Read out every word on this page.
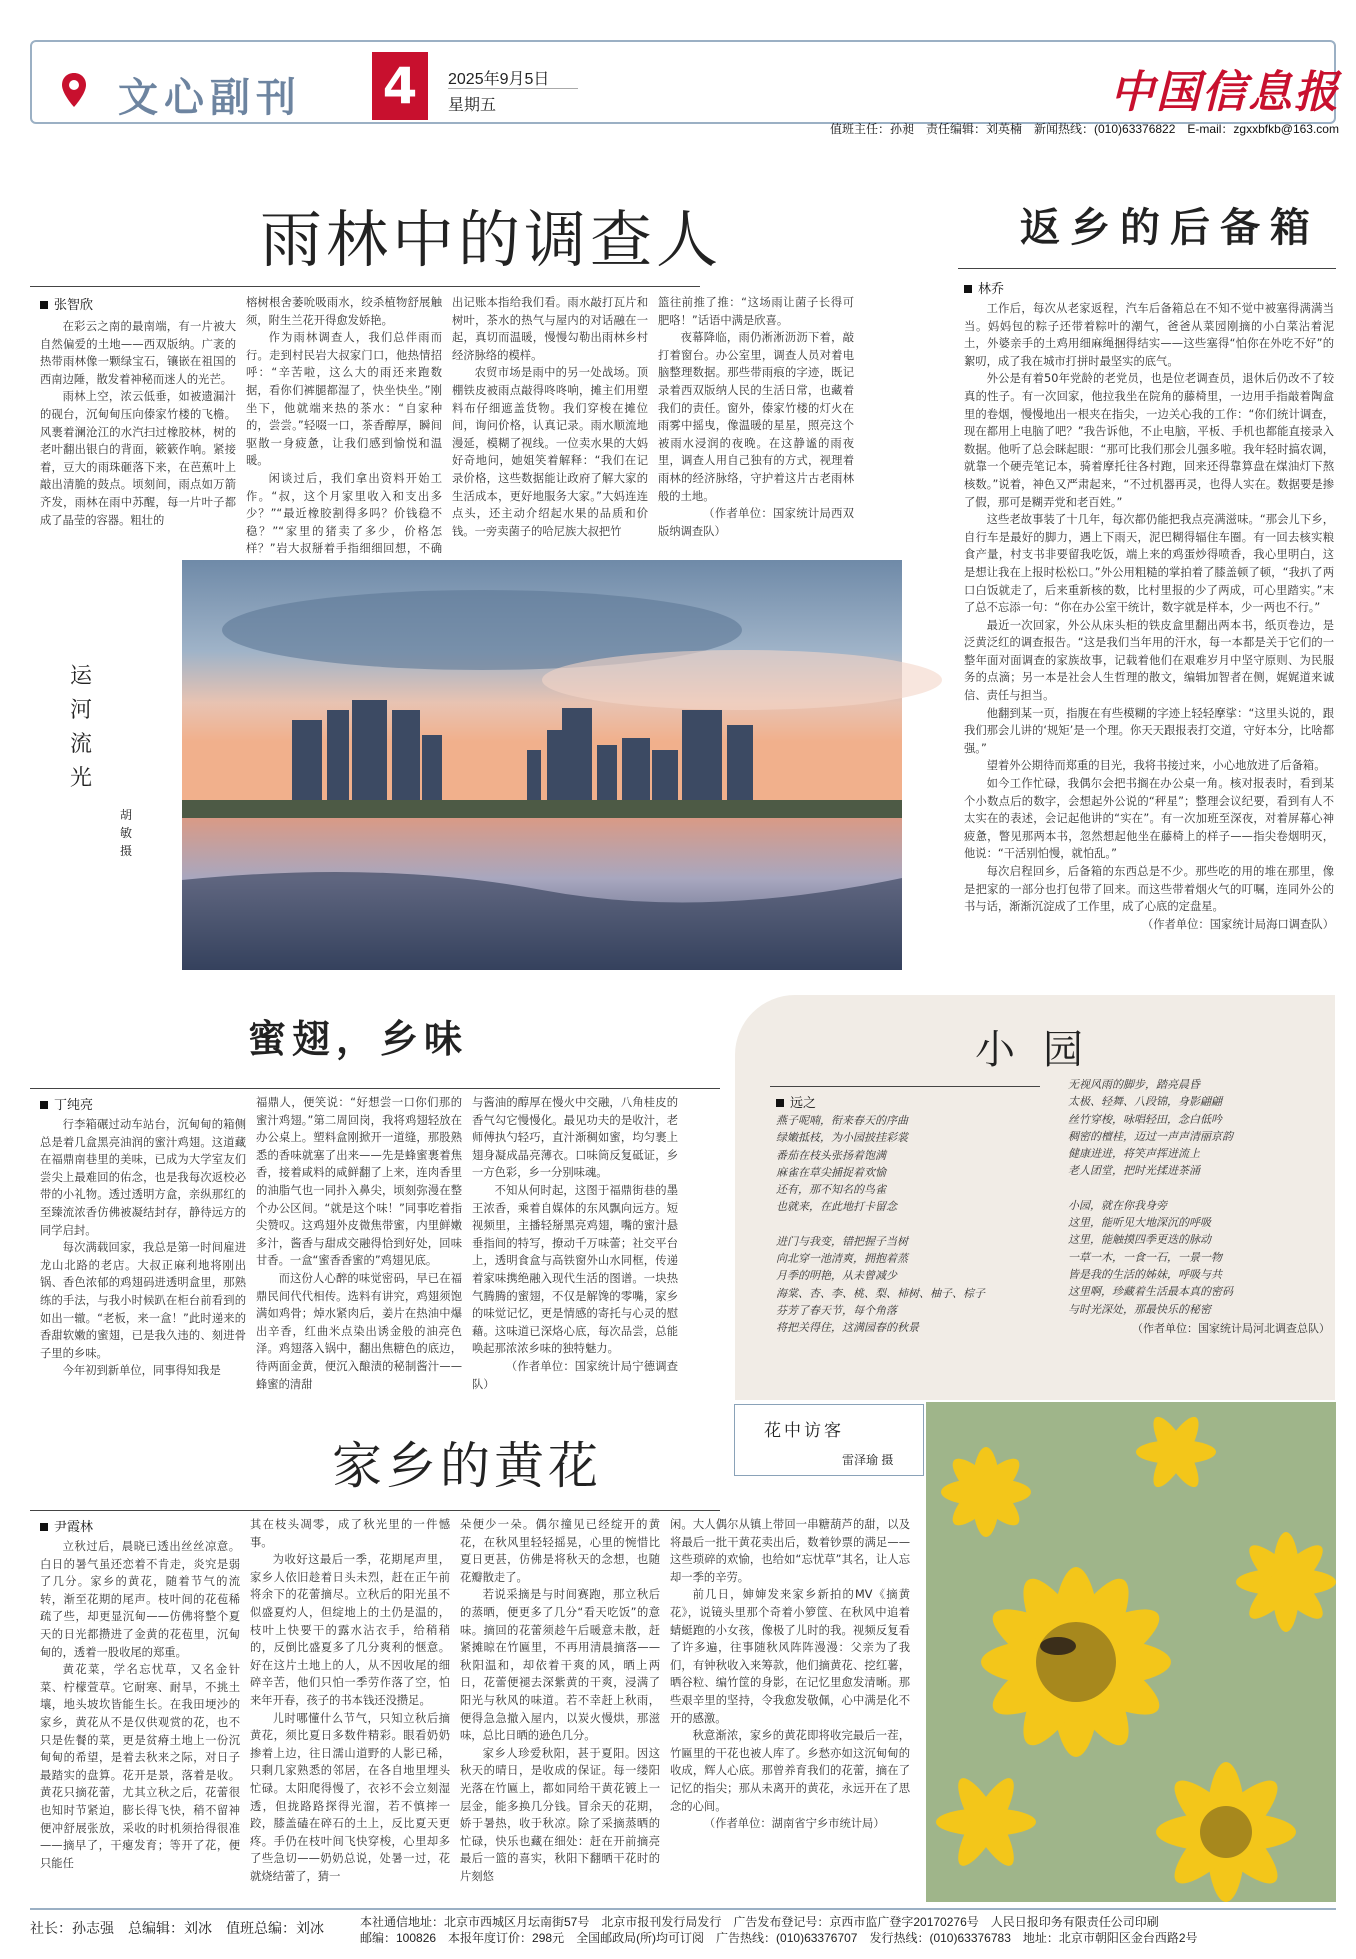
文心副刊 4	2025年9月5日
星期五	中国信息报
值班主任：孙昶　责任编辑：刘英楠　新闻热线：(010)63376822　E-mail：zgxxbfkb@163.com
雨林中的调查人
张智欣

在彩云之南的最南端，有一片被大自然偏爱的土地——西双版纳。广袤的热带雨林像一颗绿宝石，镶嵌在祖国的西南边陲，散发着神秘而迷人的光芒。

雨林上空，浓云低垂，如被遗漏汁的砚台，沉甸甸压向傣家竹楼的飞檐。风裹着澜沧江的水汽扫过橡胶林，树的老叶翻出银白的背面，簌簌作响。紧接着，豆大的雨珠砸落下来，在芭蕉叶上敲出清脆的鼓点。顷刻间，雨点如万箭齐发，雨林在雨中苏醒，每一片叶子都成了晶莹的容器。粗壮的

榕树根舍萎吮吸雨水，绞杀植物舒展触须，附生兰花开得愈发娇艳。

作为雨林调查人，我们总伴雨而行。走到村民岩大叔家门口，他热情招呼：“辛苦啦，这么大的雨还来跑数据，看你们裤腿都湿了，快坐快坐。”刚坐下，他就端来热的茶水：“自家种的，尝尝。”轻啜一口，茶香醇厚，瞬间驱散一身疲惫，让我们感到愉悦和温暖。

闲谈过后，我们拿出资料开始工作。“叔，这个月家里收入和支出多少？”“最近橡胶割得多吗？价钱稳不稳？”“家里的猪卖了多少，价格怎样？”岩大叔掰着手指细细回想，不确

出记账本指给我们看。雨水敲打瓦片和树叶，茶水的热气与屋内的对话融在一起，真切而温暖，慢慢勾勒出雨林乡村经济脉络的模样。

农贸市场是雨中的另一处战场。顶棚铁皮被雨点敲得咚咚响，摊主们用塑料布仔细遮盖货物。我们穿梭在摊位间，询问价格，认真记录。雨水顺流地漫延，模糊了视线。一位卖水果的大妈好奇地问，她姐笑着解释：“我们在记录价格，这些数据能让政府了解大家的生活成本，更好地服务大家。”大妈连连点头，还主动介绍起水果的品质和价钱。一旁卖菌子的哈尼族大叔把竹

篮往前推了推：“这场雨让菌子长得可肥咯！”话语中满是欣喜。

夜幕降临，雨仍淅淅沥沥下着，敲打着窗台。办公室里，调查人员对着电脑整理数据。那些带雨痕的字迹，既记录着西双版纳人民的生活日常，也藏着我们的责任。窗外，傣家竹楼的灯火在雨雾中摇曳，像温暖的星星，照亮这个被雨水浸润的夜晚。在这静谧的雨夜里，调查人用自己独有的方式，视理着雨林的经济脉络，守护着这片古老雨林般的土地。

（作者单位：国家统计局西双版纳调查队）

运河流光
胡敏 摄
返乡的后备箱
林乔

工作后，每次从老家返程，汽车后备箱总在不知不觉中被塞得满满当当。妈妈包的粽子还带着粽叶的潮气，爸爸从菜园刚摘的小白菜沾着泥土，外婆亲手的土鸡用细麻绳捆得结实——这些塞得“怕你在外吃不好”的絮叨，成了我在城市打拼时最坚实的底气。

外公是有着50年党龄的老党员，也是位老调查员，退休后仍改不了较真的性子。有一次回家，他拉我坐在院角的藤椅里，一边用手指敲着陶盒里的卷烟，慢慢地出一根夹在指尖，一边关心我的工作：“你们统计调查，现在都用上电脑了吧？”我告诉他，不止电脑，平板、手机也都能直接录入数据。他听了总会眯起眼：“那可比我们那会儿强多啦。我年轻时搞农调，就靠一个硬壳笔记本，骑着摩托往各村跑，回来还得靠算盘在煤油灯下熬核数。”说着，神色又严肃起来，“不过机器再灵，也得人实在。数据要是掺了假，那可是糊弄党和老百姓。”

这些老故事装了十几年，每次都仍能把我点亮满滋味。“那会儿下乡，自行车是最好的脚力，遇上下雨天，泥巴糊得辐住车圈。有一回去核实粮食产量，村支书非要留我吃饭，端上来的鸡蛋炒得喷香，我心里明白，这是想让我在上报时松松口。”外公用粗糙的掌拍着了膝盖顿了顿，“我扒了两口白饭就走了，后来重新核的数，比村里报的少了两成，可心里踏实。”末了总不忘添一句：“你在办公室干统计，数字就是样本，少一两也不行。”

最近一次回家，外公从床头柜的铁皮盒里翻出两本书，纸页卷边，是泛黄泛红的调查报告。“这是我们当年用的汗水，每一本都是关于它们的一整年面对面调查的家族故事，记载着他们在艰难岁月中坚守原则、为民服务的点滴；另一本是社会人生哲理的散文，编辑加智者在侧，娓娓道来诚信、责任与担当。

他翻到某一页，指腹在有些模糊的字迹上轻轻摩挲：“这里头说的，跟我们那会儿讲的‘规矩’是一个理。你天天跟报表打交道，守好本分，比啥都强。”

望着外公期待而郑重的目光，我将书接过来，小心地放进了后备箱。

如今工作忙碌，我偶尔会把书搁在办公桌一角。核对报表时，看到某个小数点后的数字，会想起外公说的“秤星”；整理会议纪要，看到有人不太实在的表述，会记起他讲的“实在”。有一次加班至深夜，对着屏幕心神疲惫，瞥见那两本书，忽然想起他坐在藤椅上的样子——指尖卷烟明灭，他说：“干活别怕慢，就怕乱。”

每次启程回乡，后备箱的东西总是不少。那些吃的用的堆在那里，像是把家的一部分也打包带了回来。而这些带着烟火气的叮嘱，连同外公的书与话，渐渐沉淀成了工作里，成了心底的定盘星。

（作者单位：国家统计局海口调查队）

蜜翅，乡味
丁纯亮

行李箱碾过动车站台，沉甸甸的箱侧总是着几盒黑亮油润的蜜汁鸡翅。这道藏在福鼎南巷里的美味，已成为大学室友们尝尖上最难回的佑念，也是我每次返校必带的小礼物。透过透明方盒，亲纵那红的至臻流浓香仿佛被凝结封存，静待远方的同学启封。

每次满载回家，我总是第一时间雇进龙山北路的老店。大叔正麻利地将刚出锅、香色浓郁的鸡翅码进透明盒里，那熟练的手法，与我小时候趴在柜台前看到的如出一辙。“老板，来一盒！”此时递来的香甜软嫩的蜜翅，已是我久违的、刻进骨子里的乡味。

今年初到新单位，同事得知我是

福鼎人，便笑说：“好想尝一口你们那的蜜汁鸡翅。”第二周回岗，我将鸡翅轻放在办公桌上。塑料盒刚掀开一道缝，那股熟悉的香味就塞了出来——先是蜂蜜裹着焦香，接着咸料的咸鲜翻了上来，连肉香里的油脂气也一同扑入鼻尖，顷刻弥漫在整个办公区间。“就是这个味！”同事吃着指尖赞叹。这鸡翅外皮微焦带蜜，内里鲜嫩多汁，酱香与甜成交融得恰到好处，回味甘香。一盒“蜜香香蜜的”鸡翅见底。

而这份人心醉的味觉密码，早已在福鼎民间代代相传。选料有讲究，鸡翅须饱满如鸡骨；焯水紧肉后，姜片在热油中爆出辛香，红曲米点染出诱金般的油亮色泽。鸡翅落入锅中，翻出焦糖色的底边，待两面金黄，便沉入酿渍的秘制酱汁——蜂蜜的清甜

与酱油的醇厚在慢火中交融，八角桂皮的香气勾它慢慢化。最见功夫的是收汁，老师傅执勺轻巧，直汁渐稠如蜜，均匀裹上翅身凝成晶亮薄衣。口味筒反复砥证，乡一方色彩，乡一分别味魂。

不知从何时起，这图于福鼎街巷的墨王浓香，乘着自媒体的东风飘向远方。短视频里，主播轻掰黑亮鸡翅，嘴的蜜汁悬垂指间的特写，撩动千万味蕾；社交平台上，透明食盒与高铁窗外山水同框，传递着家味携绝融入现代生活的图谱。一块热气腾腾的蜜翅，不仅是解馋的零嘴，家乡的味觉记忆，更是情感的寄托与心灵的慰藉。这味道已深烙心底，每次品尝，总能唤起那浓浓乡味的独特魅力。

（作者单位：国家统计局宁德调查队）

小园
远之
燕子呢喃，衔来春天的序曲
绿嫩抵枝，为小园披挂彩裳
番茄在枝头张扬着饱满
麻雀在草尖捕捉着欢愉
还有，那不知名的鸟雀
也就来，在此地打卡留念
进门与我变，错把握子当树
向北穿一池清爽，拥抱着蒸
月季的明艳，从未曾减少
海棠、杏、李、桃、梨、柿树、柚子、棕子
芬芳了春天节，每个角落
将把关得住，这满园春的秋景
无视风雨的脚步，踏亮晨昏
太极、轻舞、八段锦，身影翩翩
丝竹穿梭，咏唱轻田，念白低吟
稠密的檀桂，迈过一声声清丽京韵
健康进进，将笑声挥迸流上
老人团堂，把时光揉进茶涌
小园，就在你我身旁
这里，能听见大地深沉的呼吸
这里，能触摸四季更迭的脉动
一草一木，一食一石，一景一物
皆是我的生活的姊妹，呼吸与共
这里啊，珍藏着生活最本真的密码
与时光深处，那最快乐的秘密
（作者单位：国家统计局河北调查总队）
花中访客
雷泽瑜 摄
家乡的黄花
尹霞林

立秋过后，晨晓已透出丝丝凉意。白日的暑气虽还恋着不肯走，炎究是弱了几分。家乡的黄花，随着节气的流转，渐至花期的尾声。枝叶间的花苞稀疏了些，却更显沉甸——仿佛将整个夏天的日光都攒进了金黄的花苞里，沉甸甸的，透着一股收尾的郑重。

黄花菜，学名忘忧草，又名金针菜、柠檬萱草。它耐寒、耐旱，不挑土壤，地头坡坎皆能生长。在我田埂沙的家乡，黄花从不是仅供观赏的花，也不只是佐餐的菜，更是贫瘠土地上一份沉甸甸的希望，是着去秋来之际，对日子最踏实的盘算。花开是景，落着是收。黄花只摘花蕾，尤其立秋之后，花蕾很也知时节紧迫，膨长得飞快，稍不留神便冲舒展张放，采收的时机须拾得很准——摘早了，干瘪发育；等开了花，便只能任

其在枝头凋零，成了秋光里的一件憾事。

为收好这最后一季，花期尾声里，家乡人依旧趁着日头未烈，赶在正午前将余下的花蕾摘尽。立秋后的阳光虽不似盛夏灼人，但绽地上的土仍是温的，枝叶上快要干的露水沾衣手，给稍稍的，反倒比盛夏多了几分爽利的惬意。好在这片土地上的人，从不因收尾的细碎辛苦，他们只怕一季劳作落了空，怕来年开春，孩子的书本钱还没攒足。

儿时哪懂什么节气，只知立秋后摘黄花，须比夏日多数件精彩。眼看奶奶掺着上边，往日濡山道野的人影已稀，只剩几家熟悉的邻居，在各自地里埋头忙碌。太阳爬得慢了，衣衫不会立刻湿透，但拢路路探得光溜，若不慎摔一跤，膝盖磕在碎石的土上，反比夏天更疼。手仍在枝叶间飞快穿梭，心里却多了些急切——奶奶总说，处暑一过，花就烧结蕾了，猜一

朵便少一朵。偶尔撞见已经绽开的黄花，在秋风里轻轻摇晃，心里的惋惜比夏日更甚，仿佛是将秋天的念想，也随花瓣散走了。

若说采摘是与时间赛跑，那立秋后的蒸晒，便更多了几分“看天吃饭”的意味。摘回的花蕾须趁午后暖意未散，赶紧摊晾在竹匾里，不再用清晨摘落——秋阳温和，却依着干爽的风，晒上两日，花蕾便褪去深紫黄的干爽，浸满了阳光与秋风的味道。若不幸赶上秋雨，便得急急撤入屋内，以炭火慢烘，那滋味，总比日晒的逊色几分。

家乡人珍爱秋阳，甚于夏阳。因这秋天的晴日，是收成的保证。每一缕阳光落在竹匾上，都如同给干黄花镀上一层金，能多换几分钱。冒余天的花期，娇于暑热，收于秋凉。除了采摘蒸晒的忙碌，快乐也藏在细处：赶在开前摘亮最后一篮的喜实，秋阳下翻晒干花时的片刻悠

闲。大人偶尔从镇上带回一串糖葫芦的甜，以及将最后一批干黄花卖出后，数着钞票的满足——这些琐碎的欢愉，也给如“忘忧草”其名，让人忘却一季的辛劳。

前几日，婶婶发来家乡新拍的MV《摘黄花》，说镜头里那个奇着小箩筐、在秋风中追着蜻蜓跑的小女孩，像极了儿时的我。视频反复看了许多遍，往事随秋风阵阵漫漫：父亲为了我们，有钟秋收入来筹款，他们摘黄花、挖红薯，晒谷粒、编竹筐的身影，在记忆里愈发清晰。那些艰辛里的坚持，令我愈发敬佩，心中满是化不开的感激。

秋意渐浓，家乡的黄花即将收完最后一茬，竹匾里的干花也被人库了。乡愁亦如这沉甸甸的收成，辉人心底。那曾养育我们的花蕾，摘在了记忆的指尖；那从未离开的黄花，永远开在了思念的心间。

（作者单位：湖南省宁乡市统计局）

社长：孙志强　总编辑：刘冰　值班总编：刘冰	本社通信地址：北京市西城区月坛南街57号　北京市报刊发行局发行　广告发布登记号：京西市监广登字20170276号　人民日报印务有限责任公司印刷
邮编：100826　本报年度订价：298元　全国邮政局(所)均可订阅　广告热线：(010)63376707　发行热线：(010)63376783　地址：北京市朝阳区金台西路2号
